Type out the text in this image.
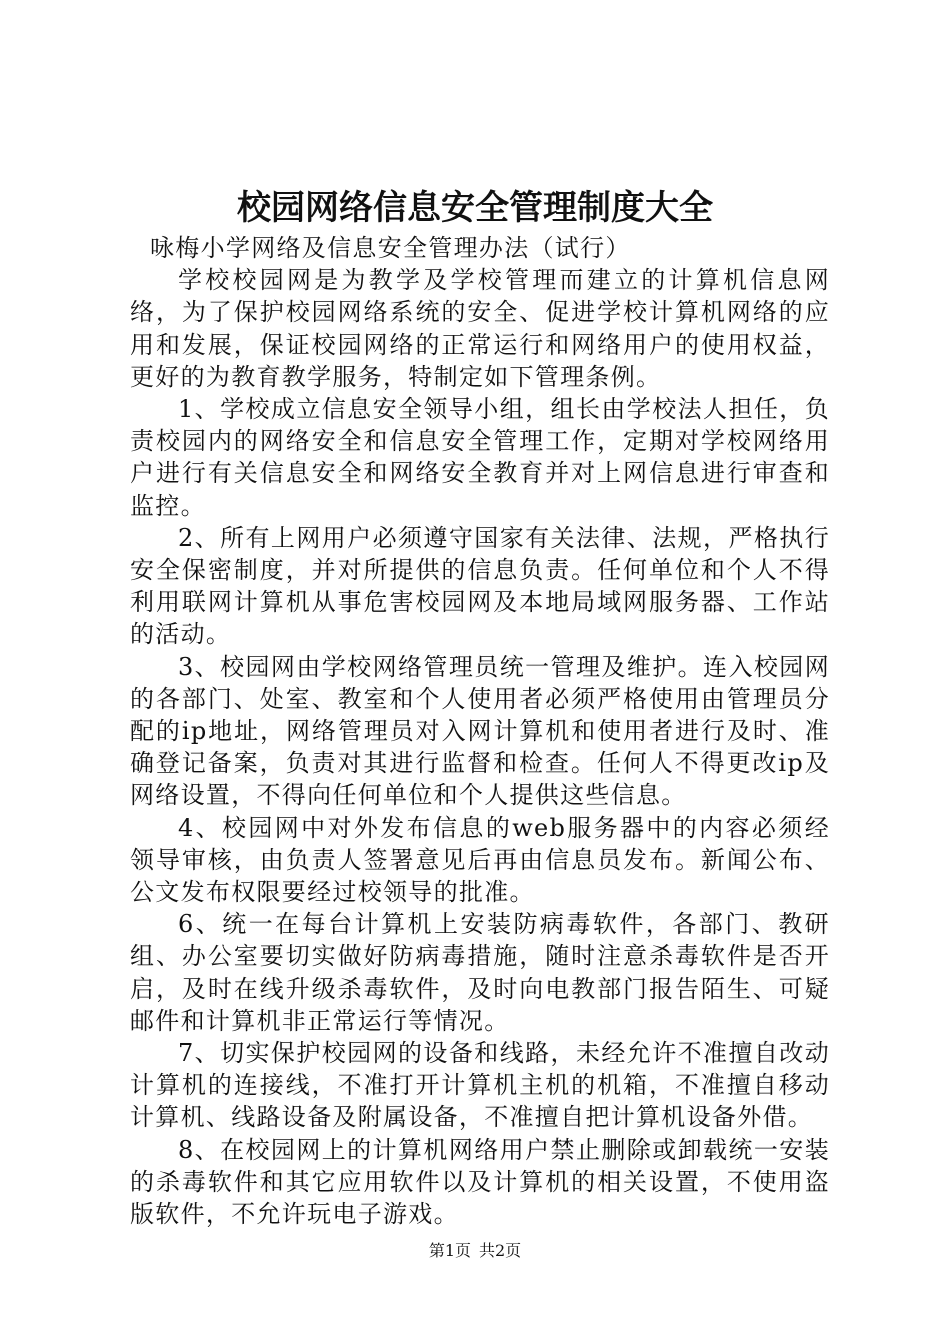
校园网络信息安全管理制度大全

咏梅小学网络及信息安全管理办法（试行）

学校校园网是为教学及学校管理而建立的计算机信息网络，为了保护校园网络系统的安全、促进学校计算机网络的应用和发展，保证校园网络的正常运行和网络用户的使用权益，更好的为教育教学服务，特制定如下管理条例。

1、学校成立信息安全领导小组，组长由学校法人担任，负责校园内的网络安全和信息安全管理工作，定期对学校网络用户进行有关信息安全和网络安全教育并对上网信息进行审查和监控。

2、所有上网用户必须遵守国家有关法律、法规，严格执行安全保密制度，并对所提供的信息负责。任何单位和个人不得利用联网计算机从事危害校园网及本地局域网服务器、工作站的活动。

3、校园网由学校网络管理员统一管理及维护。连入校园网的各部门、处室、教室和个人使用者必须严格使用由管理员分配的ip地址，网络管理员对入网计算机和使用者进行及时、准确登记备案，负责对其进行监督和检查。任何人不得更改ip及网络设置，不得向任何单位和个人提供这些信息。

4、校园网中对外发布信息的web服务器中的内容必须经领导审核，由负责人签署意见后再由信息员发布。新闻公布、公文发布权限要经过校领导的批准。

6、统一在每台计算机上安装防病毒软件，各部门、教研组、办公室要切实做好防病毒措施，随时注意杀毒软件是否开启，及时在线升级杀毒软件，及时向电教部门报告陌生、可疑邮件和计算机非正常运行等情况。

7、切实保护校园网的设备和线路，未经允许不准擅自改动计算机的连接线，不准打开计算机主机的机箱，不准擅自移动计算机、线路设备及附属设备，不准擅自把计算机设备外借。

8、在校园网上的计算机网络用户禁止删除或卸载统一安装的杀毒软件和其它应用软件以及计算机的相关设置，不使用盗版软件，不允许玩电子游戏。

第1页 共2页
